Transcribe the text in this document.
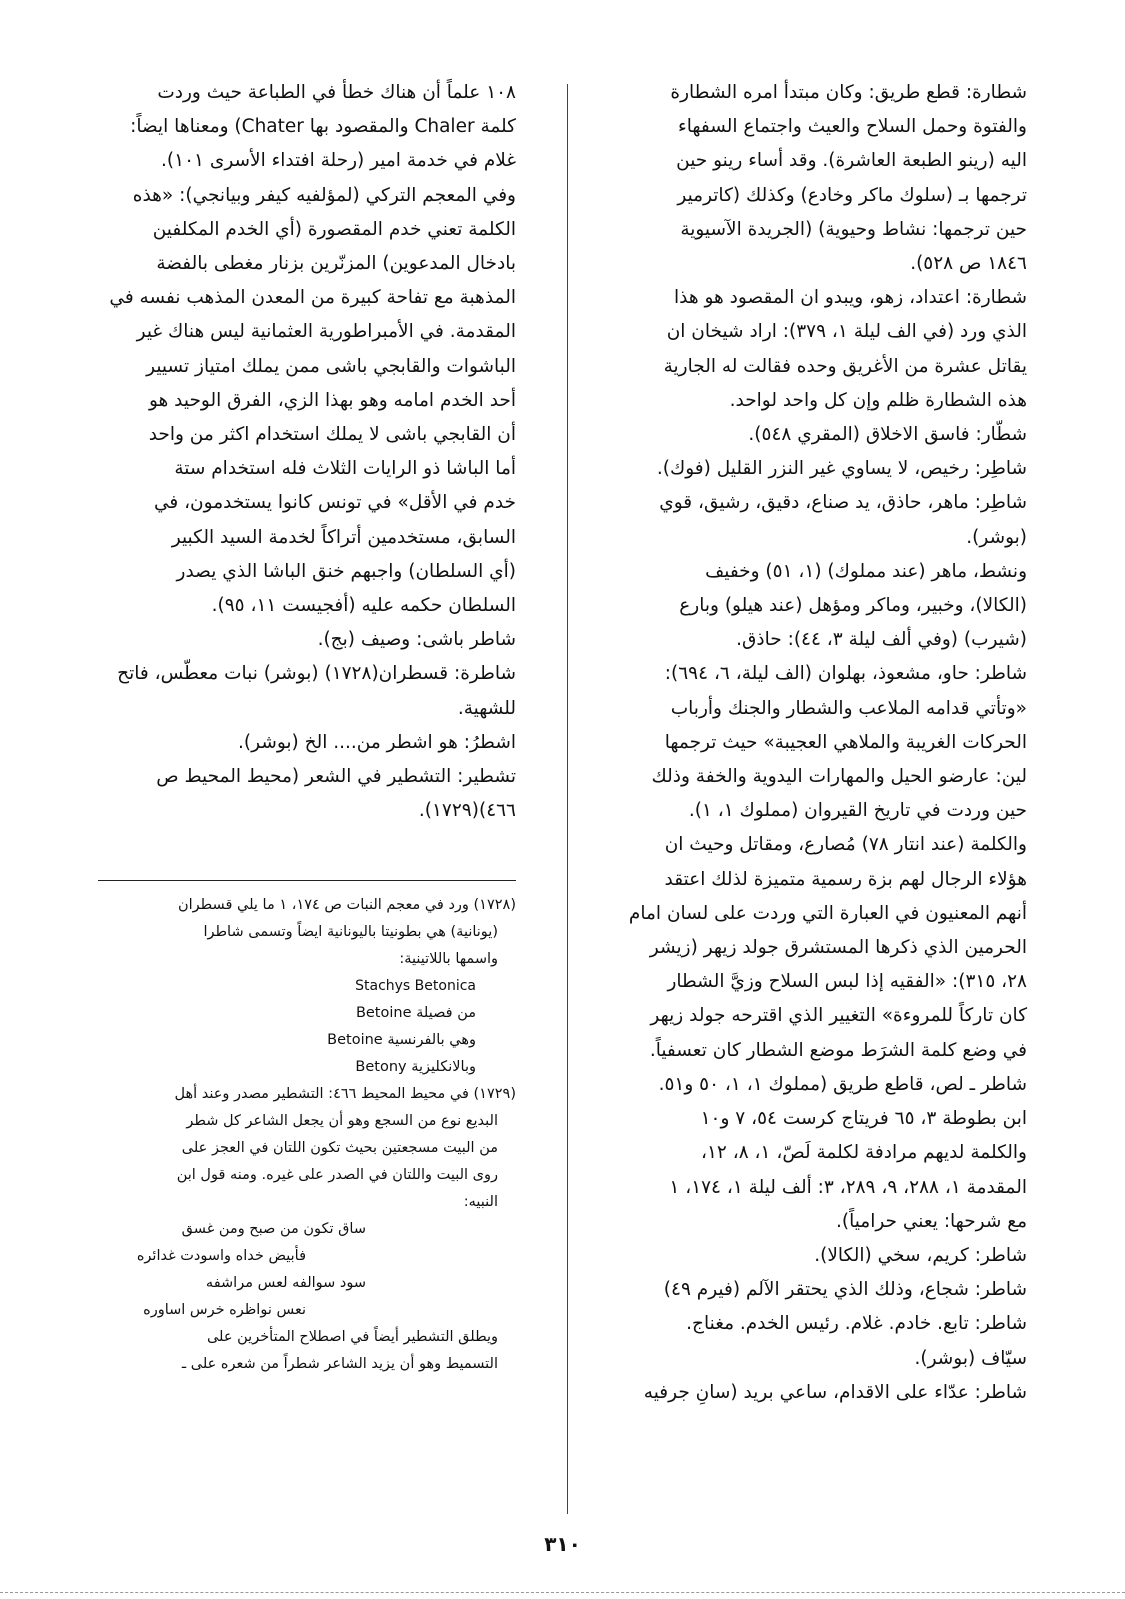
شطارة: قطع طريق: وكان مبتدأ امره الشطارة

والفتوة وحمل السلاح والعيث واجتماع السفهاء

اليه (رينو الطبعة العاشرة). وقد أساء رينو حين

ترجمها بـ (سلوك ماكر وخادع) وكذلك (كاترمير

حين ترجمها: نشاط وحيوية) (الجريدة الآسيوية

١٨٤٦ ص ٥٢٨).

شطارة: اعتداد، زهو، ويبدو ان المقصود هو هذا

الذي ورد (في الف ليلة ١، ٣٧٩): اراد شيخان ان

يقاتل عشرة من الأغريق وحده فقالت له الجارية

هذه الشطارة ظلم وإن كل واحد لواحد.

شطّار: فاسق الاخلاق (المقري ٥٤٨).

شاطِر: رخيص، لا يساوي غير النزر القليل (فوك).

شاطِر: ماهر، حاذق، يد صناع، دقيق، رشيق، قوي

(بوشر).

ونشط، ماهر (عند مملوك) (١، ٥١) وخفيف

(الكالا)، وخبير، وماكر ومؤهل (عند هيلو) وبارع

(شيرب) (وفي ألف ليلة ٣، ٤٤): حاذق.

شاطر: حاو، مشعوذ، بهلوان (الف ليلة، ٦، ٦٩٤):

«وتأتي قدامه الملاعب والشطار والجنك وأرباب

الحركات الغريبة والملاهي العجيبة» حيث ترجمها

لين: عارضو الحيل والمهارات اليدوية والخفة وذلك

حين وردت في تاريخ القيروان (مملوك ١، ١).

والكلمة (عند انتار ٧٨) مُصارع، ومقاتل وحيث ان

هؤلاء الرجال لهم بزة رسمية متميزة لذلك اعتقد

أنهم المعنيون في العبارة التي وردت على لسان امام

الحرمين الذي ذكرها المستشرق جولد زيهر (زيشر

٢٨، ٣١٥): «الفقيه إذا لبس السلاح وزيَّ الشطار

كان تاركاً للمروءة» التغيير الذي اقترحه جولد زيهر

في وضع كلمة الشرَط موضع الشطار كان تعسفياً.

شاطر ـ لص، قاطع طريق (مملوك ١، ١، ٥٠ و٥١.

ابن بطوطة ٣، ٦٥ فريتاج كرست ٥٤، ٧ و١٠

والكلمة لديهم مرادفة لكلمة لَصّ، ١، ٨، ١٢،

المقدمة ١، ٢٨٨، ٩، ٢٨٩، ٣: ألف ليلة ١، ١٧٤، ١

مع شرحها: يعني حرامياً).

شاطر: كريم، سخي (الكالا).

شاطر: شجاع، وذلك الذي يحتقر الآلم (فيرم ٤٩)

شاطر: تابع. خادم. غلام. رئيس الخدم. مغناج.

سيّاف (بوشر).

شاطر: عدّاء على الاقدام، ساعي بريد (سانِ جرفيه

١٠٨ علماً أن هناك خطأ في الطباعة حيث وردت

كلمة Chaler والمقصود بها Chater) ومعناها ايضاً:

غلام في خدمة امير (رحلة افتداء الأسرى ١٠١).

وفي المعجم التركي (لمؤلفيه كيفر وبيانجي): «هذه

الكلمة تعني خدم المقصورة (أي الخدم المكلفين

بادخال المدعوين) المزنّرين بزنار مغطى بالفضة

المذهبة مع تفاحة كبيرة من المعدن المذهب نفسه في

المقدمة. في الأمبراطورية العثمانية ليس هناك غير

الباشوات والقابجي باشى ممن يملك امتياز تسيير

أحد الخدم امامه وهو بهذا الزي، الفرق الوحيد هو

أن القابجي باشى لا يملك استخدام اكثر من واحد

أما الباشا ذو الرايات الثلاث فله استخدام ستة

خدم في الأقل» في تونس كانوا يستخدمون، في

السابق، مستخدمين أتراكاً لخدمة السيد الكبير

(أي السلطان) واجبهم خنق الباشا الذي يصدر

السلطان حكمه عليه (أفجيست ١١، ٩٥).

شاطر باشى: وصيف (بج).

شاطرة: قسطران(١٧٢٨) (بوشر) نبات معطّس، فاتح

للشهية.

اشطرُ: هو اشطر من.... الخ (بوشر).

تشطير: التشطير في الشعر (محيط المحيط ص

٤٦٦)(١٧٢٩).

(١٧٢٨) ورد في معجم النبات ص ١٧٤، ١ ما يلي قسطران

(يونانية) هي بطونيتا باليونانية ايضاً وتسمى شاطرا

واسمها باللاتينية:

Stachys Betonica

من فصيلة Betoine

وهي بالفرنسية Betoine

وبالانكليزية Betony

(١٧٢٩) في محيط المحيط ٤٦٦: التشطير مصدر وعند أهل

البديع نوع من السجع وهو أن يجعل الشاعر كل شطر

من البيت مسجعتين بحيث تكون اللتان في العجز على

روى البيت واللتان في الصدر على غيره. ومنه قول ابن

النبيه:

ساق تكون من صبح ومن غسق

فأبيض خداه واسودت غدائره

سود سوالفه لعس مراشفه

نعس نواظره خرس اساوره

ويطلق التشطير أيضاً في اصطلاح المتأخرين على

التسميط وهو أن يزيد الشاعر شطراً من شعره على ـ

٣١٠
